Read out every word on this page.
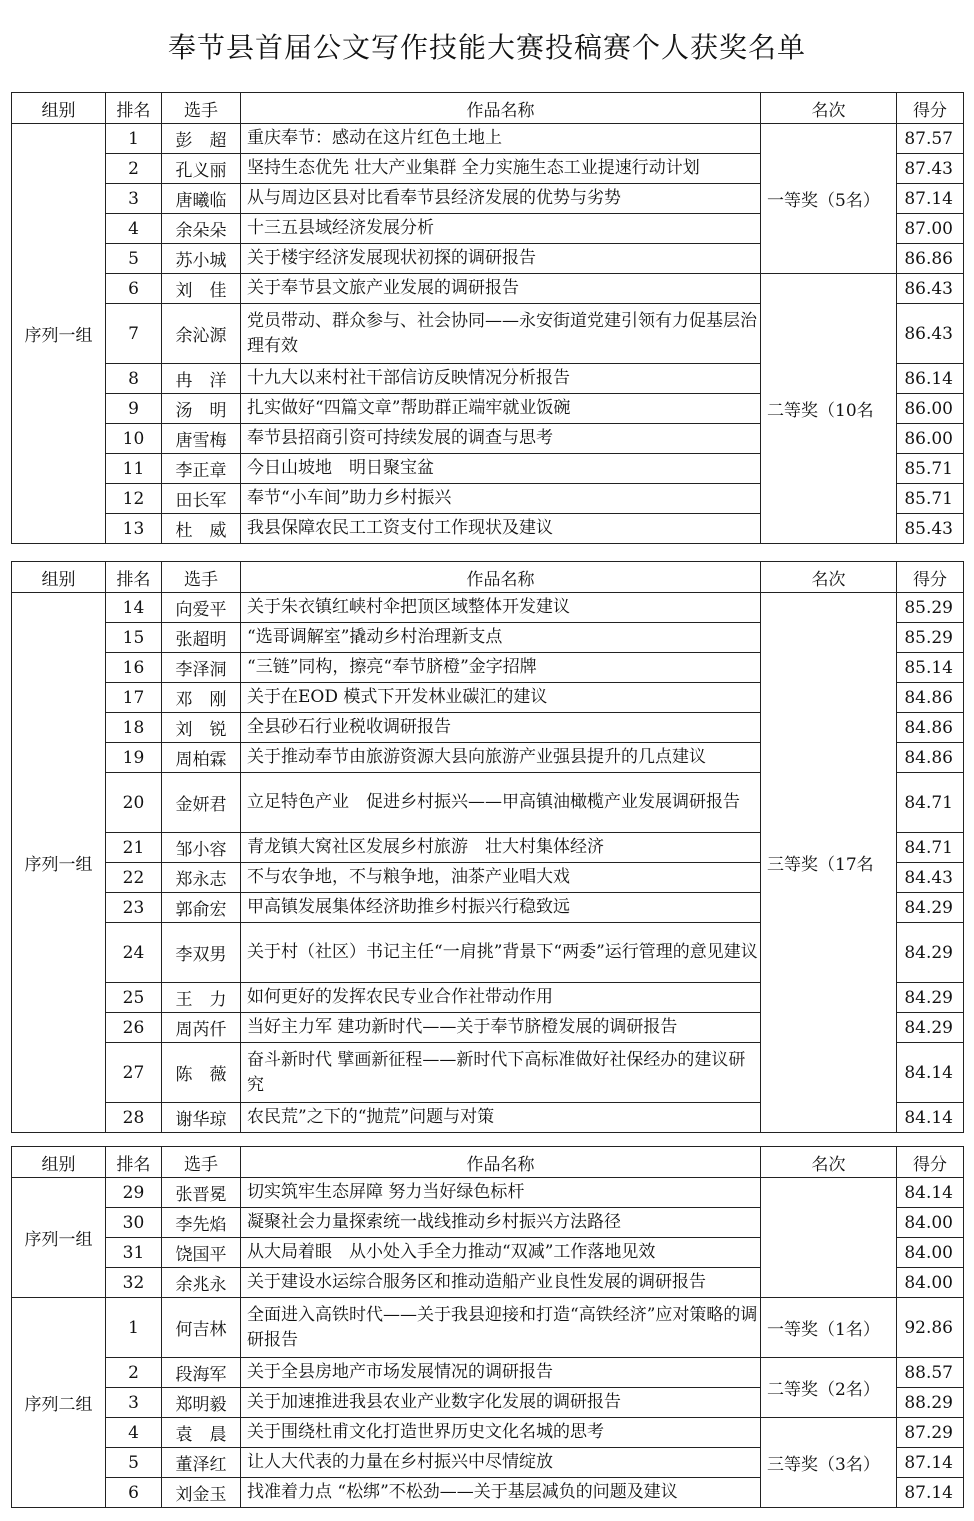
奉节县首届公文写作技能大赛投稿赛个人获奖名单
组别	排名	选手	作品名称	名次	得分
序列一组	1	彭　超	重庆奉节：感动在这片红色土地上	一等奖（5名）	87.57
	2	孔义丽	坚持生态优先 壮大产业集群 全力实施生态工业提速行动计划		87.43
	3	唐曦临	从与周边区县对比看奉节县经济发展的优势与劣势		87.14
	4	余朵朵	十三五县域经济发展分析		87.00
	5	苏小城	关于楼宇经济发展现状初探的调研报告		86.86
	6	刘　佳	关于奉节县文旅产业发展的调研报告	二等奖（10名	86.43
	7	余沁源	党员带动、群众参与、社会协同——永安街道党建引领有力促基层治理有效		86.43
	8	冉　洋	十九大以来村社干部信访反映情况分析报告		86.14
	9	汤　明	扎实做好“四篇文章”帮助群正端牢就业饭碗		86.00
	10	唐雪梅	奉节县招商引资可持续发展的调查与思考		86.00
	11	李正章	今日山坡地　明日聚宝盆		85.71
	12	田长军	奉节“小车间”助力乡村振兴		85.71
	13	杜　威	我县保障农民工工资支付工作现状及建议		85.43
组别	排名	选手	作品名称	名次	得分
序列一组	14	向爱平	关于朱衣镇红峡村伞把顶区域整体开发建议	三等奖（17名	85.29
	15	张超明	“选哥调解室”撬动乡村治理新支点		85.29
	16	李泽洞	“三链”同构，擦亮“奉节脐橙”金字招牌		85.14
	17	邓　刚	关于在EOD 模式下开发林业碳汇的建议		84.86
	18	刘　锐	全县砂石行业税收调研报告		84.86
	19	周柏霖	关于推动奉节由旅游资源大县向旅游产业强县提升的几点建议		84.86
	20	金妍君	立足特色产业　促进乡村振兴——甲高镇油橄榄产业发展调研报告		84.71
	21	邹小容	青龙镇大窝社区发展乡村旅游　壮大村集体经济		84.71
	22	郑永志	不与农争地，不与粮争地，油茶产业唱大戏		84.43
	23	郭俞宏	甲高镇发展集体经济助推乡村振兴行稳致远		84.29
	24	李双男	关于村（社区）书记主任“一肩挑”背景下“两委”运行管理的意见建议		84.29
	25	王　力	如何更好的发挥农民专业合作社带动作用		84.29
	26	周芮仟	当好主力军 建功新时代——关于奉节脐橙发展的调研报告		84.29
	27	陈　薇	奋斗新时代 擘画新征程——新时代下高标准做好社保经办的建议研究		84.14
	28	谢华琼	农民荒”之下的“抛荒”问题与对策		84.14
组别	排名	选手	作品名称	名次	得分
序列一组	29	张晋冕	切实筑牢生态屏障 努力当好绿色标杆		84.14
	30	李先焰	凝聚社会力量探索统一战线推动乡村振兴方法路径		84.00
	31	饶国平	从大局着眼　从小处入手全力推动“双减”工作落地见效		84.00
	32	余兆永	关于建设水运综合服务区和推动造船产业良性发展的调研报告		84.00
序列二组	1	何吉林	全面进入高铁时代——关于我县迎接和打造“高铁经济”应对策略的调研报告	一等奖（1名）	92.86
	2	段海军	关于全县房地产市场发展情况的调研报告	二等奖（2名）	88.57
	3	郑明毅	关于加速推进我县农业产业数字化发展的调研报告		88.29
	4	袁　晨	关于围绕杜甫文化打造世界历史文化名城的思考	三等奖（3名）	87.29
	5	董泽红	让人大代表的力量在乡村振兴中尽情绽放		87.14
	6	刘金玉	找准着力点 “松绑”不松劲——关于基层减负的问题及建议		87.14
